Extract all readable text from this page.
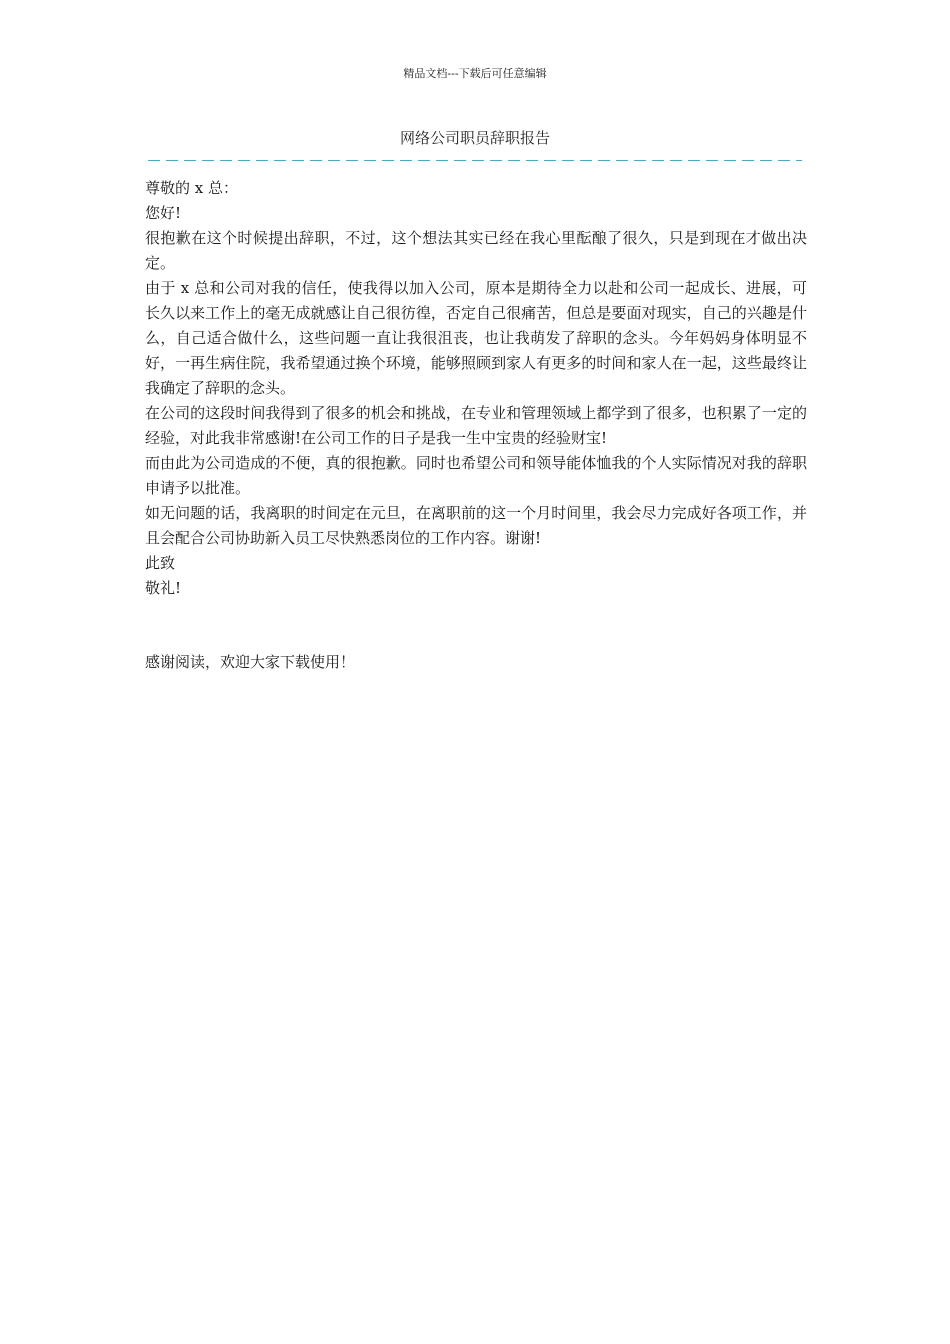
精品文档---下载后可任意编辑
网络公司职员辞职报告

尊敬的 x 总：

您好!

很抱歉在这个时候提出辞职，不过，这个想法其实已经在我心里酝酿了很久，只是到现在才做出决定。

由于 x 总和公司对我的信任，使我得以加入公司，原本是期待全力以赴和公司一起成长、进展，可长久以来工作上的毫无成就感让自己很彷徨，否定自己很痛苦，但总是要面对现实，自己的兴趣是什么，自己适合做什么，这些问题一直让我很沮丧，也让我萌发了辞职的念头。今年妈妈身体明显不好，一再生病住院，我希望通过换个环境，能够照顾到家人有更多的时间和家人在一起，这些最终让我确定了辞职的念头。

在公司的这段时间我得到了很多的机会和挑战，在专业和管理领域上都学到了很多，也积累了一定的经验，对此我非常感谢!在公司工作的日子是我一生中宝贵的经验财宝!

而由此为公司造成的不便，真的很抱歉。同时也希望公司和领导能体恤我的个人实际情况对我的辞职申请予以批准。

如无问题的话，我离职的时间定在元旦，在离职前的这一个月时间里，我会尽力完成好各项工作，并且会配合公司协助新入员工尽快熟悉岗位的工作内容。谢谢!

此致

敬礼!

感谢阅读，欢迎大家下载使用！
